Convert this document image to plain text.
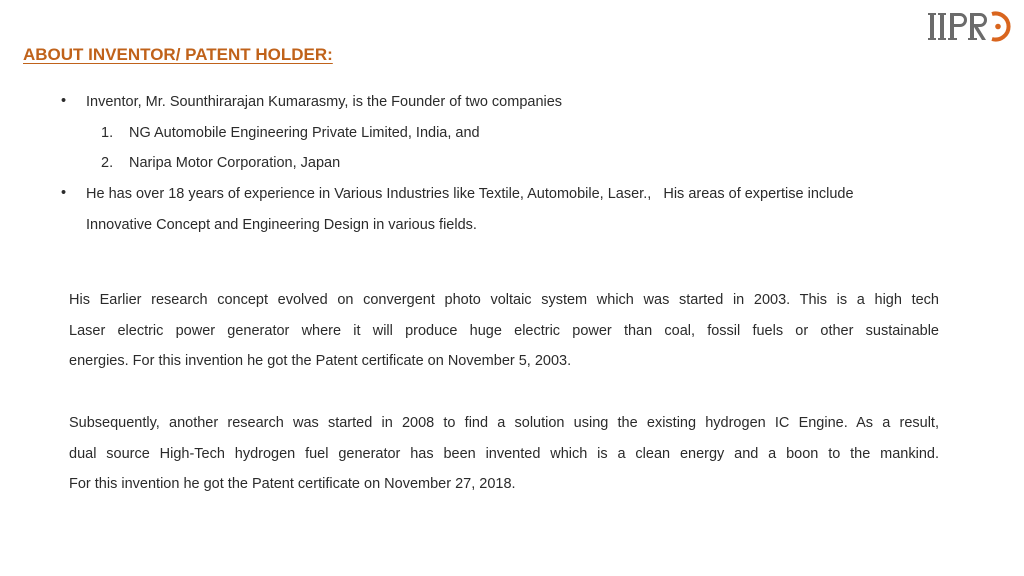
ABOUT INVENTOR/ PATENT HOLDER:
• Inventor, Mr. Sounthirarajan Kumarasmy, is the Founder of two companies
1. NG Automobile Engineering Private Limited, India, and
2. Naripa Motor Corporation, Japan
• He has over 18 years of experience in Various Industries like Textile, Automobile, Laser.,   His areas of expertise include
Innovative Concept and Engineering Design in various fields.
His Earlier research concept evolved on convergent photo voltaic system which was started in 2003. This is a high tech
Laser electric power generator where it will produce huge electric power than coal, fossil fuels or other sustainable
energies. For this invention he got the Patent certificate on November 5, 2003.
Subsequently, another research was started in 2008 to find a solution using the existing hydrogen IC Engine. As a result,
dual source High-Tech hydrogen fuel generator has been invented which is a clean energy and a boon to the mankind.
For this invention he got the Patent certificate on November 27, 2018.
